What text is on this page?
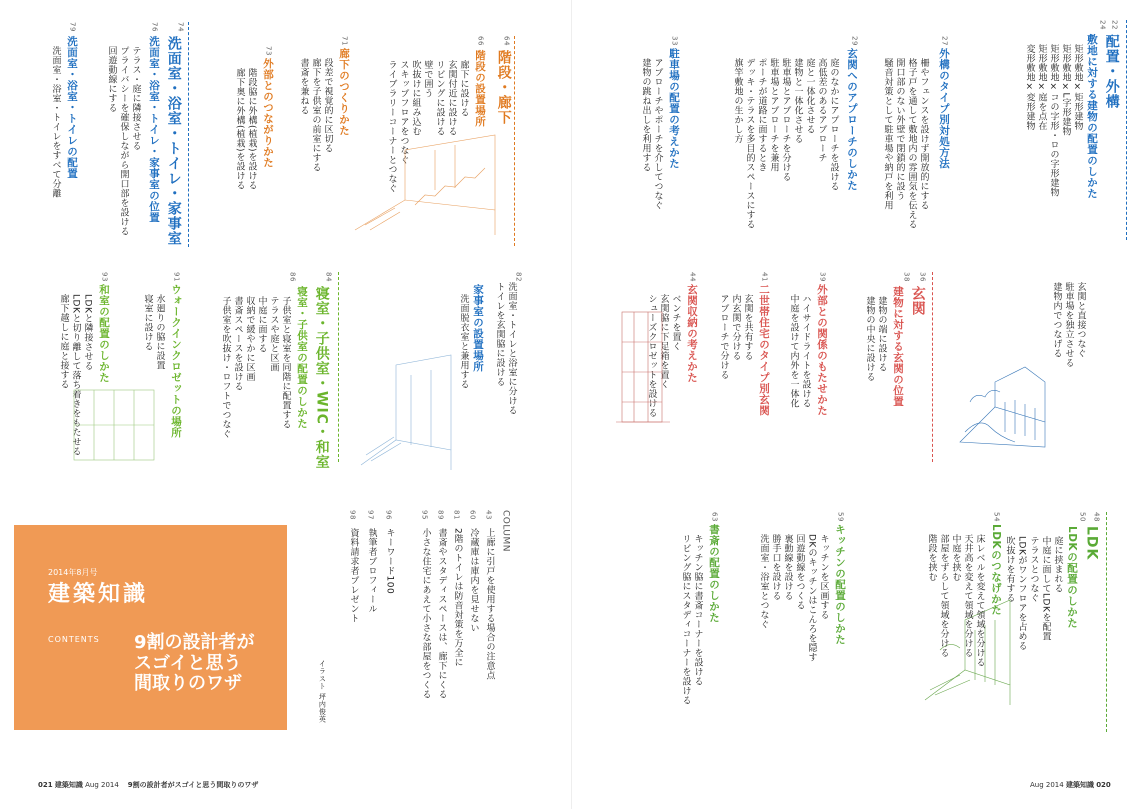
22
24
配置・外構
敷地に対する建物の配置のしかた
矩形敷地×矩形建物
矩形敷地×L字形建物
矩形敷地×コの字形・ロの字形建物
矩形敷地×庭を点在
変形敷地×変形建物
27
外構のタイプ別対処方法
柵やフェンスを設けず開放的にする
格子戸を通して敷地内の雰囲気を伝える
開口部のない外壁で閉鎖的に設う
騒音対策として駐車場や納戸を利用
29
玄関へのアプローチのしかた
庭のなかにアプローチを設ける
高低差のあるアプローチ
庭と一体化させる
建物と一体化させる
駐車場とアプローチを分ける
駐車場とアプローチを兼用
ポーチが道路に面するとき
デッキ・テラスを多目的スペースにする
旗竿敷地の生かし方
33
駐車場の配置の考えかた
アプローチやポーチを介してつなぐ
建物の跳ね出しを利用する
玄関と直接つなぐ
駐車場を独立させる
建物内でつなげる
36
38
玄関
建物に対する玄関の位置
建物の端に設ける
建物の中央に設ける
39
外部との関係のもたせかた
ハイサイドライトを設ける
中庭を設けて内外を一体化
41
二世帯住宅のタイプ別玄関
玄関を共有する
内玄関で分ける
アプローチで分ける
44
玄関収納の考えかた
ベンチを置く
玄関脇に下足箱を置く
シューズクロゼットを設ける
48
50
LDK
LDKの配置のしかた
庭に挟まれる
中庭に面してLDKを配置
テラスとつなぐ
LDKがワンフロアを占める
吹抜けを有する
54
LDKのつなげかた
床レベルを変えて領域を分ける
天井高を変えて領域を分ける
中庭を挟む
部屋をずらして領域を分ける
階段を挟む
59
キッチンの配置のしかた
キッチンを区画する
DKのキッチンはこんろを隠す
回遊動線をつくる
裏動線を設ける
勝手口を設ける
洗面室・浴室とつなぐ
63
書斎の配置のしかた
キッチン脇に書斎コーナーを設ける
リビング脇にスタディコーナーを設ける
64
66
階段・廊下
階段の設置場所
廊下に設ける
玄関付近に設ける
リビングに設ける
壁で囲う
吹抜けに組み込む
スキップフロアをつなぐ
ライブラリーコーナーとつなぐ
71
廊下のつくりかた
段差で視覚的に区切る
廊下を子供室の前室にする
書斎を兼ねる
73
外部とのつながりかた
階段脇に外構(植栽)を設ける
廊下奥に外構(植栽)を設ける
74
76
洗面室・浴室・トイレ・家事室
洗面室・浴室・トイレ・家事室の位置
テラス・庭に隣接させる
プライバシーを確保しながら開口部を設ける
回遊動線にする
79
洗面室・浴室・トイレの配置
洗面室・浴室・トイレをすべて分離
82
洗面室・トイレと浴室に分ける
トイレを玄関脇に設ける
家事室の設置場所
洗面脱衣室と兼用する
84
86
寝室・子供室・WIC・和室
寝室・子供室の配置のしかた
子供室と寝室を同階に配置する
テラスや庭と区画
中庭に面する
収納で緩やかに区画
書斎スペースを設ける
子供室を吹抜け・ロフトでつなぐ
91
ウォークインクロゼットの場所
水廻りの脇に設置
寝室に設ける
93
和室の配置のしかた
LDKと隣接させる
LDKと切り離して落ち着きをもたせる
廊下越しに庭と接する
COLUMN
43
上廊に引戸を使用する場合の注意点
60
冷蔵庫は庫内を見せない
81
2階のトイレは防音対策を万全に
89
書斎やスタディスペースは、廊下にくる
95
小さな住宅にあえて小さな部屋をつくる
96
キーワード100
97
執筆者プロフィール
98
資料請求者プレゼント
イラスト 坪内俊英
2014年8月号
建築知識
CONTENTS 9割の設計者が
スゴイと思う
間取りのワザ
021 建築知識 Aug 2014 9割の設計者がスゴイと思う間取りのワザ	Aug 2014 建築知識 020
